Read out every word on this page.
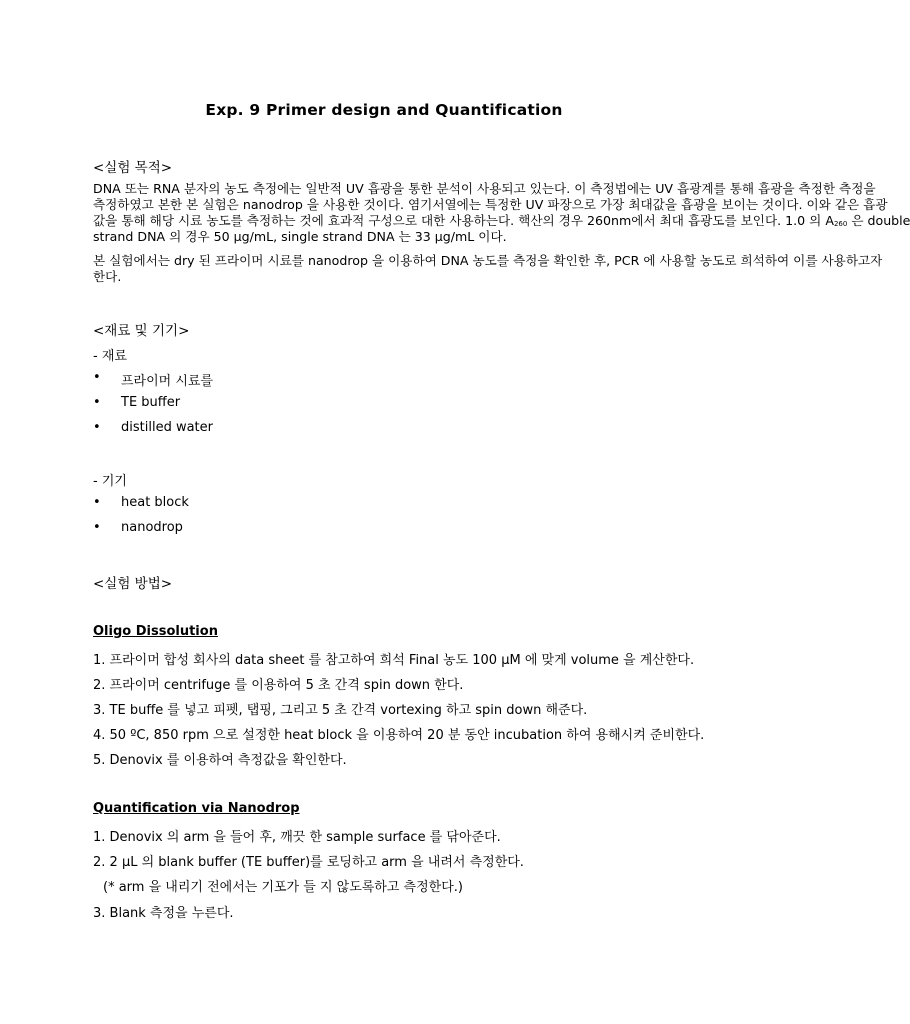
Exp. 9 Primer design and Quantification
<실험 목적>
DNA 또는 RNA 분자의 농도 측정에는 일반적 UV 흡광을 통한 분석이 사용되고 있는다. 이 측정법에는 UV 흡광계를 통해 흡광을 측정한 측정을
측정하였고 본한 본 실험은 nanodrop 을 사용한 것이다. 염기서열에는 특정한 UV 파장으로 가장 최대값을 흡광을 보이는 것이다. 이와 같은 흡광
값을 통해 해당 시료 농도를 측정하는 것에 효과적 구성으로 대한 사용하는다. 핵산의 경우 260nm에서 최대 흡광도를 보인다. 1.0 의 $A_{260}$ 은 double
strand DNA 의 경우 50 µg/mL, single strand DNA 는 33 µg/mL 이다.
본 실험에서는 dry 된 프라이머 시료를 nanodrop 을 이용하여 DNA 농도를 측정을 확인한 후, PCR 에 사용할 농도로 희석하여 이를 사용하고자
한다.
<재료 및 기기>
- 재료
• 프라이머 시료를
• TE buffer
• distilled water
- 기기
• heat block
• nanodrop
<실험 방법>
Oligo Dissolution
1. 프라이머 합성 회사의 data sheet 를 참고하여 희석 Final 농도 100 µM 에 맞게 volume 을 계산한다.
2. 프라이머 centrifuge 를 이용하여 5 초 간격 spin down 한다.
3. TE buffe 를 넣고 피펫, 탭핑, 그리고 5 초 간격 vortexing 하고 spin down 해준다.
4. 50 ºC, 850 rpm 으로 설정한 heat block 을 이용하여 20 분 동안 incubation 하여 용해시켜 준비한다.
5. Denovix 를 이용하여 측정값을 확인한다.
Quantification via Nanodrop
1. Denovix 의 arm 을 들어 후, 깨끗 한 sample surface 를 닦아준다.
2. 2 µL 의 blank buffer (TE buffer)를 로딩하고 arm 을 내려서 측정한다.
(* arm 을 내리기 전에서는 기포가 들 지 않도록하고 측정한다.)
3. Blank 측정을 누른다.
